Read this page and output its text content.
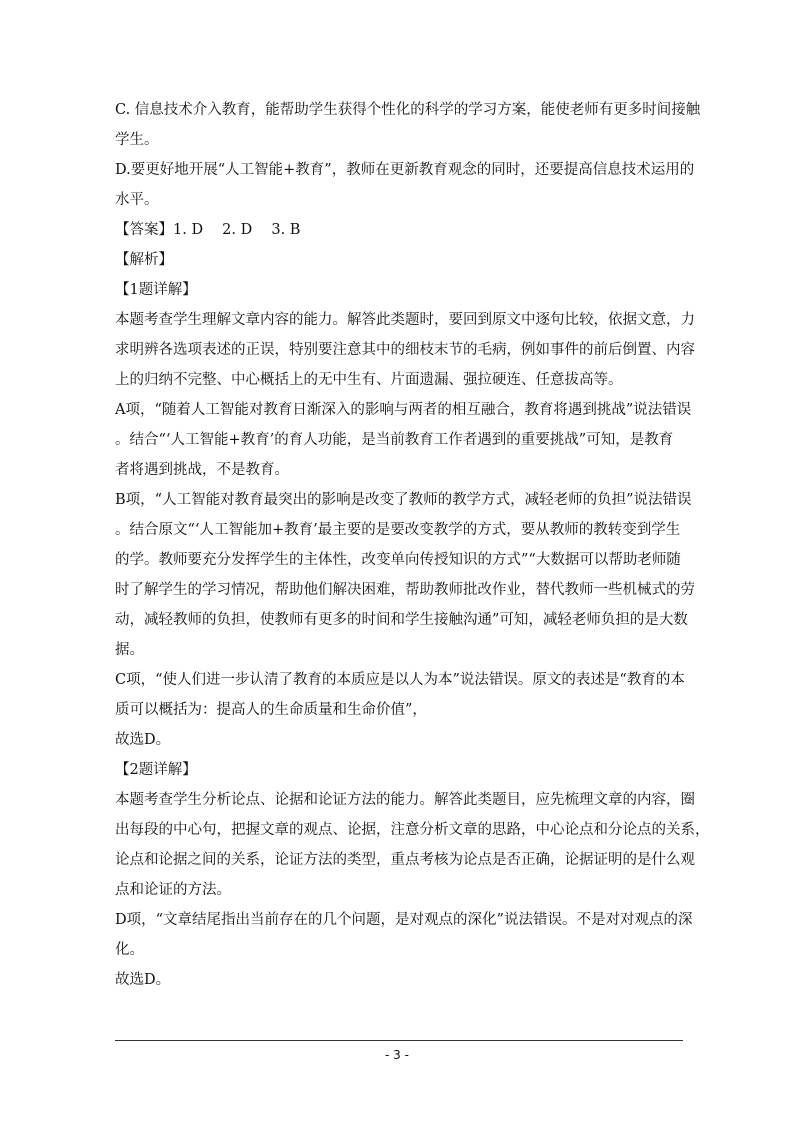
C. 信息技术介入教育，能帮助学生获得个性化的科学的学习方案，能使老师有更多时间接触
学生。
D.要更好地开展“人工智能+教育”，教师在更新教育观念的同时，还要提高信息技术运用的
水平。
【答案】1. D　 2. D　 3. B
【解析】
【1题详解】
本题考查学生理解文章内容的能力。解答此类题时，要回到原文中逐句比较，依据文意，力
求明辨各选项表述的正误，特别要注意其中的细枝末节的毛病，例如事件的前后倒置、内容
上的归纳不完整、中心概括上的无中生有、片面遗漏、强拉硬连、任意拔高等。
A项，“随着人工智能对教育日渐深入的影响与两者的相互融合，教育将遇到挑战”说法错误
。结合“‘人工智能+教育’的育人功能，是当前教育工作者遇到的重要挑战”可知，是教育
者将遇到挑战，不是教育。
B项，“人工智能对教育最突出的影响是改变了教师的教学方式，减轻老师的负担”说法错误
。结合原文“‘人工智能加+教育’最主要的是要改变教学的方式，要从教师的教转变到学生
的学。教师要充分发挥学生的主体性，改变单向传授知识的方式”“大数据可以帮助老师随
时了解学生的学习情况，帮助他们解决困难，帮助教师批改作业，替代教师一些机械式的劳
动，减轻教师的负担，使教师有更多的时间和学生接触沟通”可知，减轻老师负担的是大数
据。
C项，“使人们进一步认清了教育的本质应是以人为本”说法错误。原文的表述是“教育的本
质可以概括为：提高人的生命质量和生命价值”，
故选D。
【2题详解】
本题考查学生分析论点、论据和论证方法的能力。解答此类题目，应先梳理文章的内容，圈
出每段的中心句，把握文章的观点、论据，注意分析文章的思路，中心论点和分论点的关系，
论点和论据之间的关系，论证方法的类型，重点考核为论点是否正确，论据证明的是什么观
点和论证的方法。
D项，“文章结尾指出当前存在的几个问题，是对观点的深化”说法错误。不是对对观点的深
化。
故选D。
- 3 -
